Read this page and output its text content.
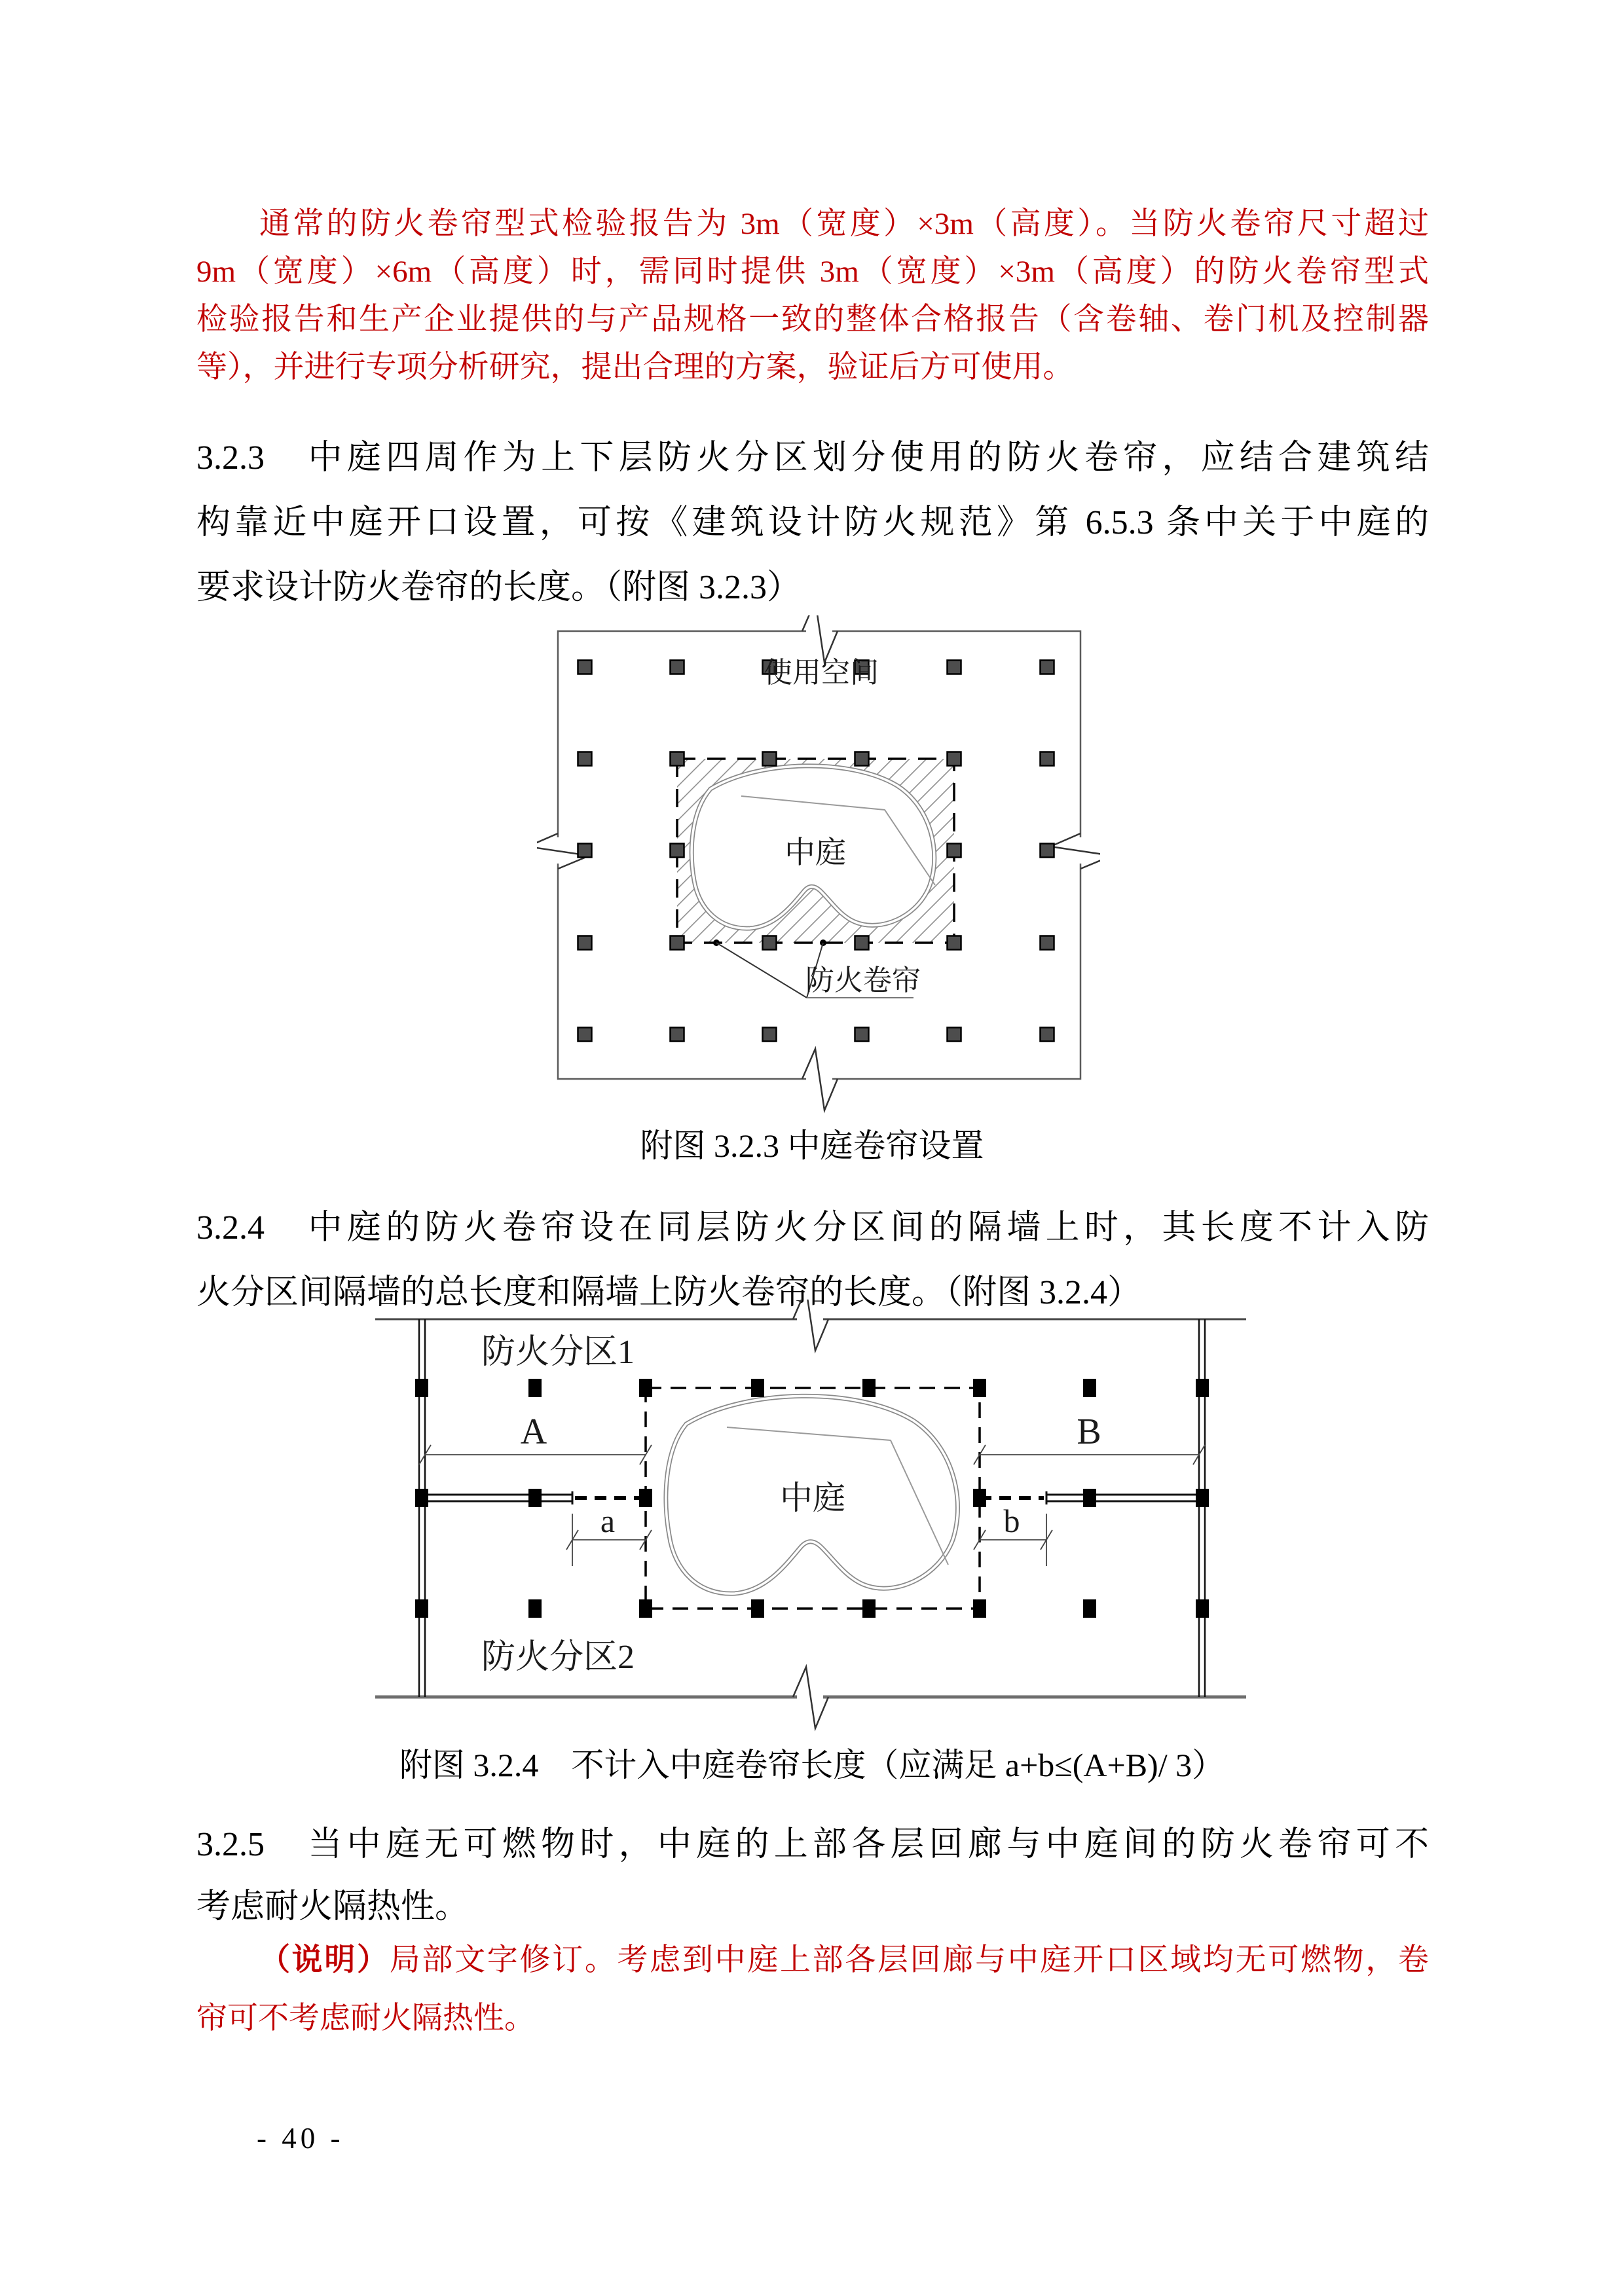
通常的防火卷帘型式检验报告为 3m（宽度）×3m（高度）。当防火卷帘尺寸超过
9m（宽度）×6m（高度）时，需同时提供 3m（宽度）×3m（高度）的防火卷帘型式
检验报告和生产企业提供的与产品规格一致的整体合格报告（含卷轴、卷门机及控制器
等），并进行专项分析研究，提出合理的方案，验证后方可使用。
3.2.3　中庭四周作为上下层防火分区划分使用的防火卷帘，应结合建筑结
构靠近中庭开口设置，可按《建筑设计防火规范》第 6.5.3 条中关于中庭的
要求设计防火卷帘的长度。（附图 3.2.3）
使用空间
中庭
防火卷帘
附图 3.2.3 中庭卷帘设置
3.2.4　中庭的防火卷帘设在同层防火分区间的隔墙上时，其长度不计入防
火分区间隔墙的总长度和隔墙上防火卷帘的长度。（附图 3.2.4）
防火分区1
防火分区2
中庭
A	B
a	b
附图 3.2.4　不计入中庭卷帘长度（应满足 a+b≤(A+B)/ 3）
3.2.5　当中庭无可燃物时，中庭的上部各层回廊与中庭间的防火卷帘可不
考虑耐火隔热性。
（说明）局部文字修订。考虑到中庭上部各层回廊与中庭开口区域均无可燃物，卷
帘可不考虑耐火隔热性。
- 40 -
